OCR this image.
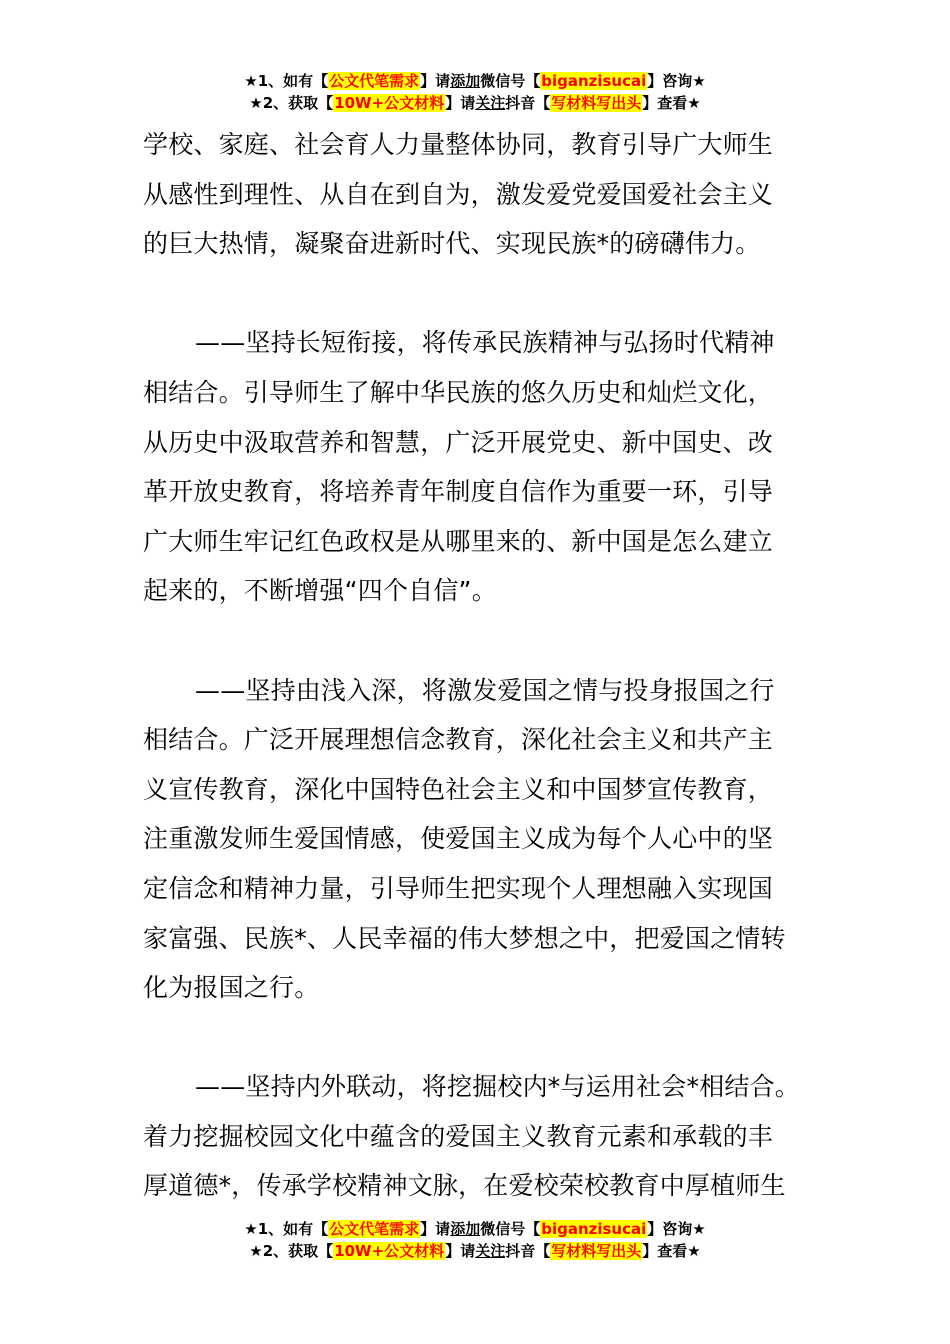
★1、如有【公文代笔需求】请添加微信号【biganzisucai】咨询★
★2、获取【10W+公文材料】请关注抖音【写材料写出头】查看★

学校、家庭、社会育人力量整体协同，教育引导广大师生
从感性到理性、从自在到自为，激发爱党爱国爱社会主义
的巨大热情，凝聚奋进新时代、实现民族*的磅礴伟力。

——坚持长短衔接，将传承民族精神与弘扬时代精神
相结合。引导师生了解中华民族的悠久历史和灿烂文化，
从历史中汲取营养和智慧，广泛开展党史、新中国史、改
革开放史教育，将培养青年制度自信作为重要一环，引导
广大师生牢记红色政权是从哪里来的、新中国是怎么建立
起来的，不断增强“四个自信”。

——坚持由浅入深，将激发爱国之情与投身报国之行
相结合。广泛开展理想信念教育，深化社会主义和共产主
义宣传教育，深化中国特色社会主义和中国梦宣传教育，
注重激发师生爱国情感，使爱国主义成为每个人心中的坚
定信念和精神力量，引导师生把实现个人理想融入实现国
家富强、民族*、人民幸福的伟大梦想之中，把爱国之情转
化为报国之行。

——坚持内外联动，将挖掘校内*与运用社会*相结合。
着力挖掘校园文化中蕴含的爱国主义教育元素和承载的丰
厚道德*，传承学校精神文脉，在爱校荣校教育中厚植师生

★1、如有【公文代笔需求】请添加微信号【biganzisucai】咨询★
★2、获取【10W+公文材料】请关注抖音【写材料写出头】查看★
